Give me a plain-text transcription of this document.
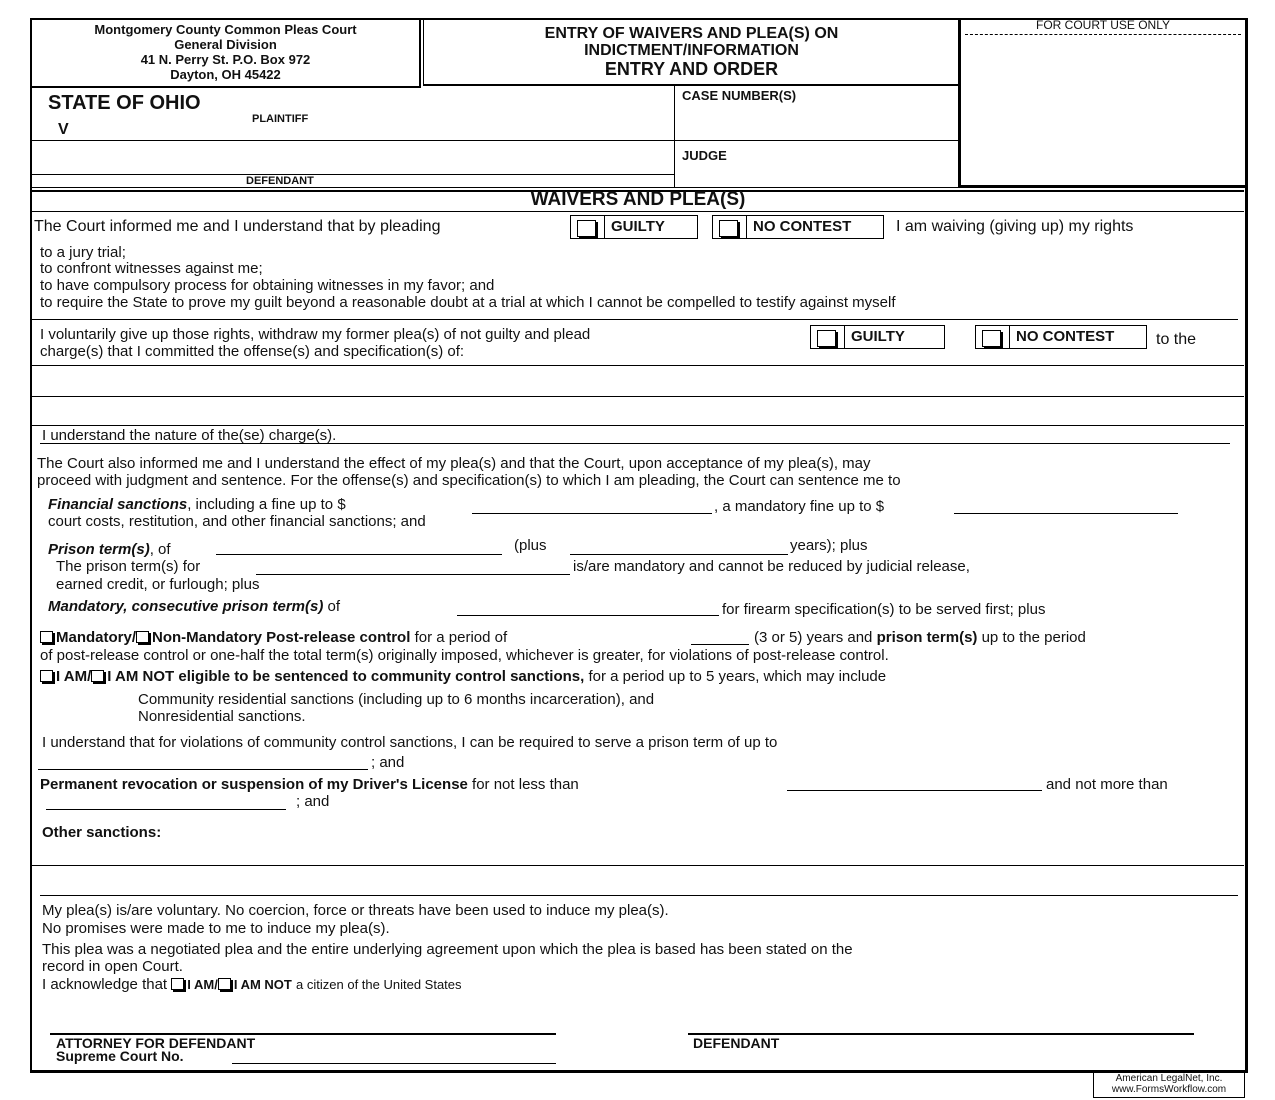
Montgomery County Common Pleas Court
General Division
41 N. Perry St. P.O. Box 972
Dayton, OH 45422
ENTRY OF WAIVERS AND PLEA(S) ON
INDICTMENT/INFORMATION
ENTRY AND ORDER
FOR COURT USE ONLY
STATE OF OHIO
PLAINTIFF
V
DEFENDANT
CASE NUMBER(S)
JUDGE
WAIVERS AND PLEA(S)
The Court informed me and I understand that by pleading	GUILTY	NO CONTEST	I am waiving (giving up) my rights
to a jury trial;
to confront witnesses against me;
to have compulsory process for obtaining witnesses in my favor; and
to require the State to prove my guilt beyond a reasonable doubt at a trial at which I cannot be compelled to testify against myself
I voluntarily give up those rights, withdraw my former plea(s) of not guilty and plead
charge(s) that I committed the offense(s) and specification(s) of:
GUILTY	NO CONTEST	to the
I understand the nature of the(se) charge(s).
The Court also informed me and I understand the effect of my plea(s) and that the Court, upon acceptance of my plea(s), may
proceed with judgment and sentence. For the offense(s) and specification(s) to which I am pleading, the Court can sentence me to
Financial sanctions, including a fine up to $	, a mandatory fine up to $
court costs, restitution, and other financial sanctions; and
Prison term(s), of	(plus	years); plus
The prison term(s) for	is/are mandatory and cannot be reduced by judicial release,
earned credit, or furlough; plus
Mandatory, consecutive prison term(s) of	for firearm specification(s) to be served first; plus
Mandatory/ Non-Mandatory Post-release control for a period of	(3 or 5) years and prison term(s) up to the period
of post-release control or one-half the total term(s) originally imposed, whichever is greater, for violations of post-release control.
I AM/ I AM NOT eligible to be sentenced to community control sanctions, for a period up to 5 years, which may include
Community residential sanctions (including up to 6 months incarceration), and
Nonresidential sanctions.
I understand that for violations of community control sanctions, I can be required to serve a prison term of up to
; and
Permanent revocation or suspension of my Driver's License for not less than	and not more than
; and
Other sanctions:
My plea(s) is/are voluntary. No coercion, force or threats have been used to induce my plea(s).
No promises were made to me to induce my plea(s).
This plea was a negotiated plea and the entire underlying agreement upon which the plea is based has been stated on the
record in open Court.
I acknowledge that I AM/ I AM NOT a citizen of the United States
ATTORNEY FOR DEFENDANT
Supreme Court No.
DEFENDANT
American LegalNet, Inc.
www.FormsWorkflow.com
